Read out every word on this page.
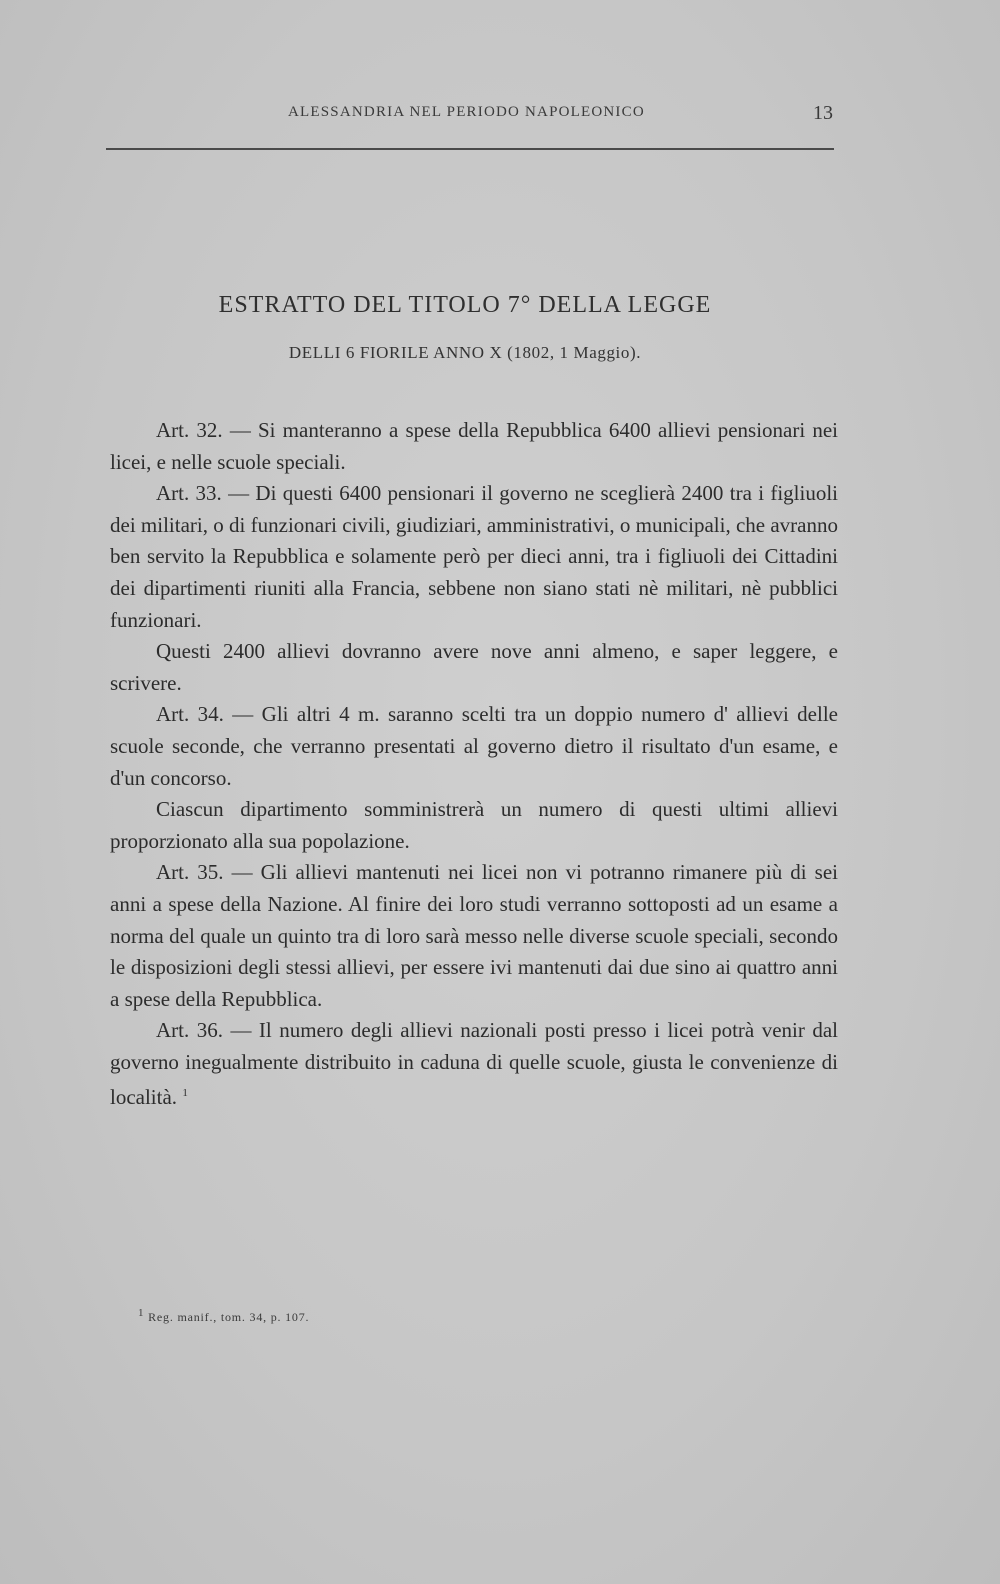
ALESSANDRIA NEL PERIODO NAPOLEONICO	13
ESTRATTO DEL TITOLO 7° DELLA LEGGE
DELLI 6 FIORILE ANNO X (1802, 1 Maggio).

Art. 32. — Si manteranno a spese della Repubblica 6400 allievi pensionari nei licei, e nelle scuole speciali.

Art. 33. — Di questi 6400 pensionari il governo ne sceglierà 2400 tra i figliuoli dei militari, o di funzionari civili, giudiziari, amministrativi, o municipali, che avranno ben servito la Repubblica e solamente però per dieci anni, tra i figliuoli dei Cittadini dei dipartimenti riuniti alla Francia, sebbene non siano stati nè militari, nè pubblici funzionari.

Questi 2400 allievi dovranno avere nove anni almeno, e saper leggere, e scrivere.

Art. 34. — Gli altri 4 m. saranno scelti tra un doppio numero d' allievi delle scuole seconde, che verranno presentati al governo dietro il risultato d'un esame, e d'un concorso.

Ciascun dipartimento somministrerà un numero di questi ultimi allievi proporzionato alla sua popolazione.

Art. 35. — Gli allievi mantenuti nei licei non vi potranno rimanere più di sei anni a spese della Nazione. Al finire dei loro studi verranno sottoposti ad un esame a norma del quale un quinto tra di loro sarà messo nelle diverse scuole speciali, secondo le disposizioni degli stessi allievi, per essere ivi mantenuti dai due sino ai quattro anni a spese della Repubblica.

Art. 36. — Il numero degli allievi nazionali posti presso i licei potrà venir dal governo inegualmente distribuito in caduna di quelle scuole, giusta le convenienze di località. $^1$

$^1$ Reg. manif., tom. 34, p. 107.
